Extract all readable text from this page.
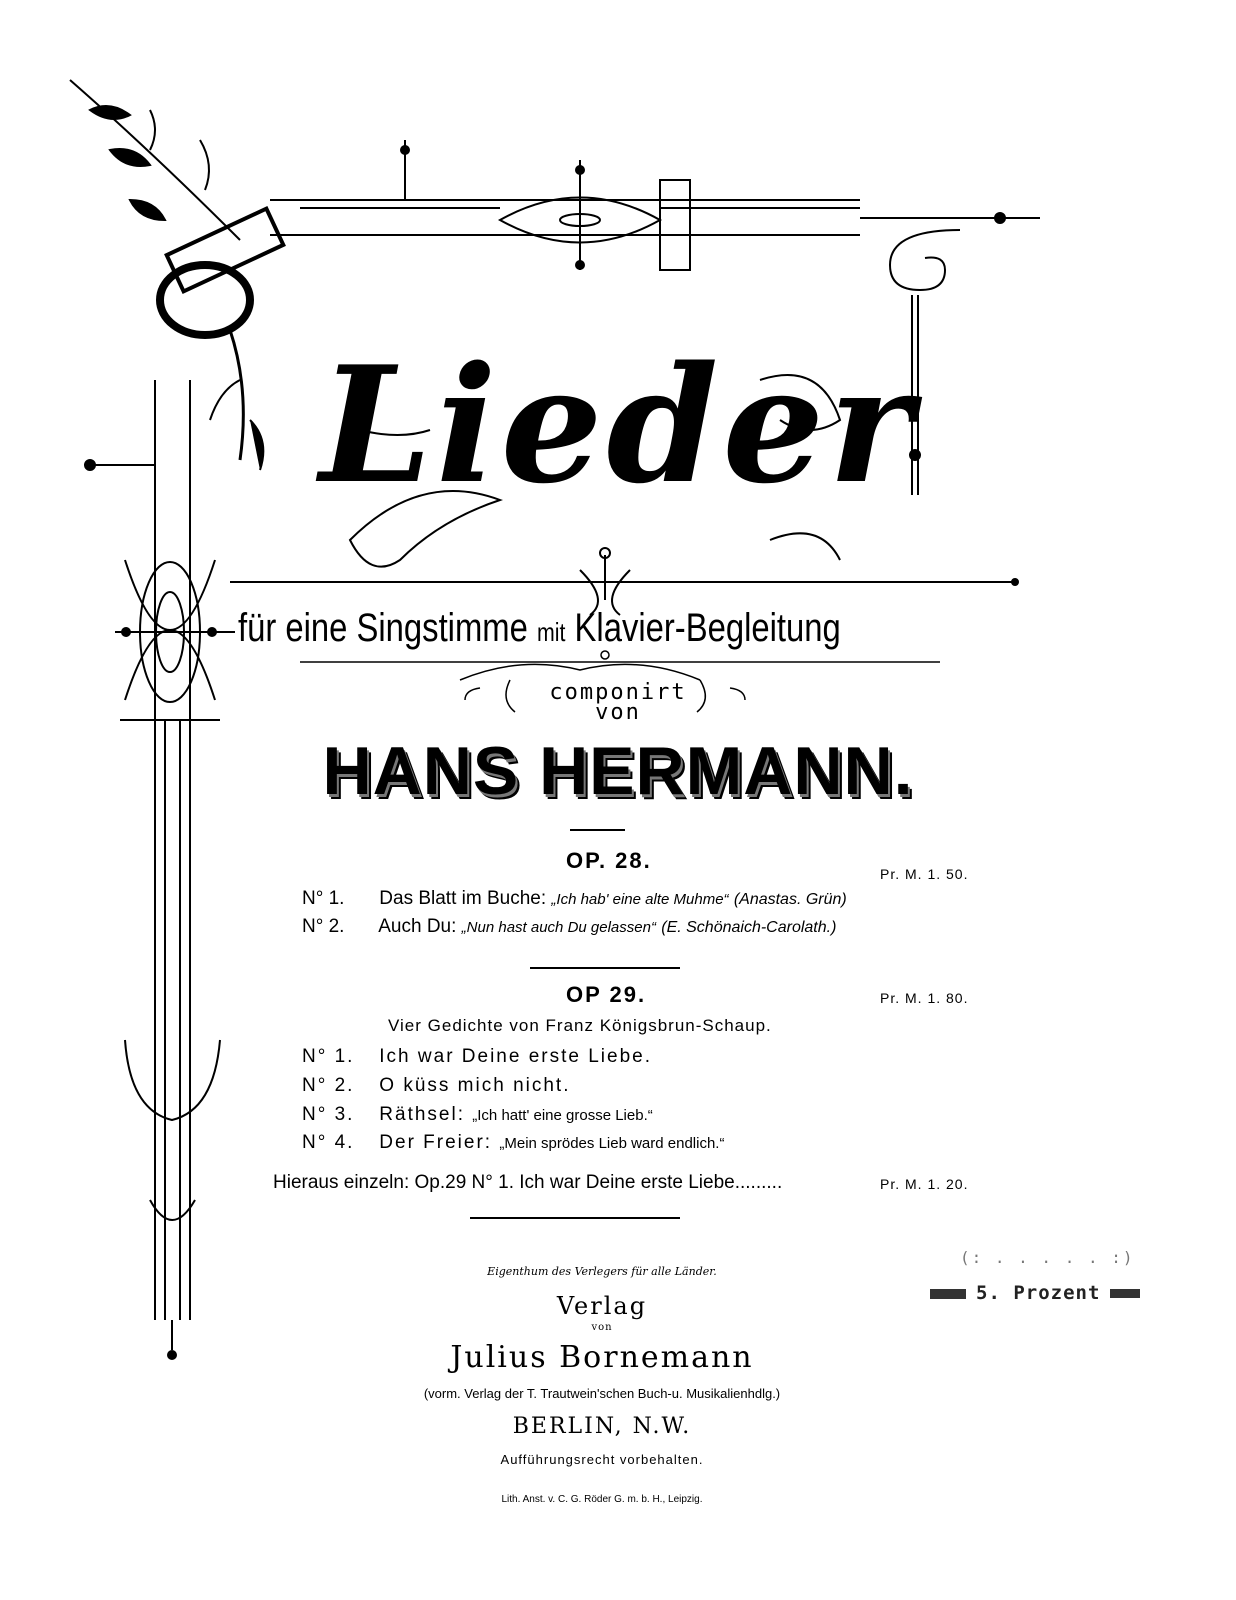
Lieder
für eine Singstimme mit Klavier-Begleitung
componirt
von
HANS HERMANN.
OP. 28.
Pr. M. 1. 50.
N° 1. Das Blatt im Buche: „Ich hab' eine alte Muhme“ (Anastas. Grün)
N° 2. Auch Du: „Nun hast auch Du gelassen“ (E. Schönaich-Carolath.)
OP 29.	Pr. M. 1. 80.
Vier Gedichte von Franz Königsbrun-Schaup.
N° 1. Ich war Deine erste Liebe.
N° 2. O küss mich nicht.
N° 3. Räthsel: „Ich hatt' eine grosse Lieb.“
N° 4. Der Freier: „Mein sprödes Lieb ward endlich.“
Hieraus einzeln: Op.29 N° 1. Ich war Deine erste Liebe.........	Pr. M. 1. 20.
Eigenthum des Verlegers für alle Länder.
Verlag
von
Julius Bornemann
(vorm. Verlag der T. Trautwein'schen Buch-u. Musikalienhdlg.)
BERLIN, N.W.
Aufführungsrecht vorbehalten.
Lith. Anst. v. C. G. Röder G. m. b. H., Leipzig.
(: . . . . . :)
5. Prozent
